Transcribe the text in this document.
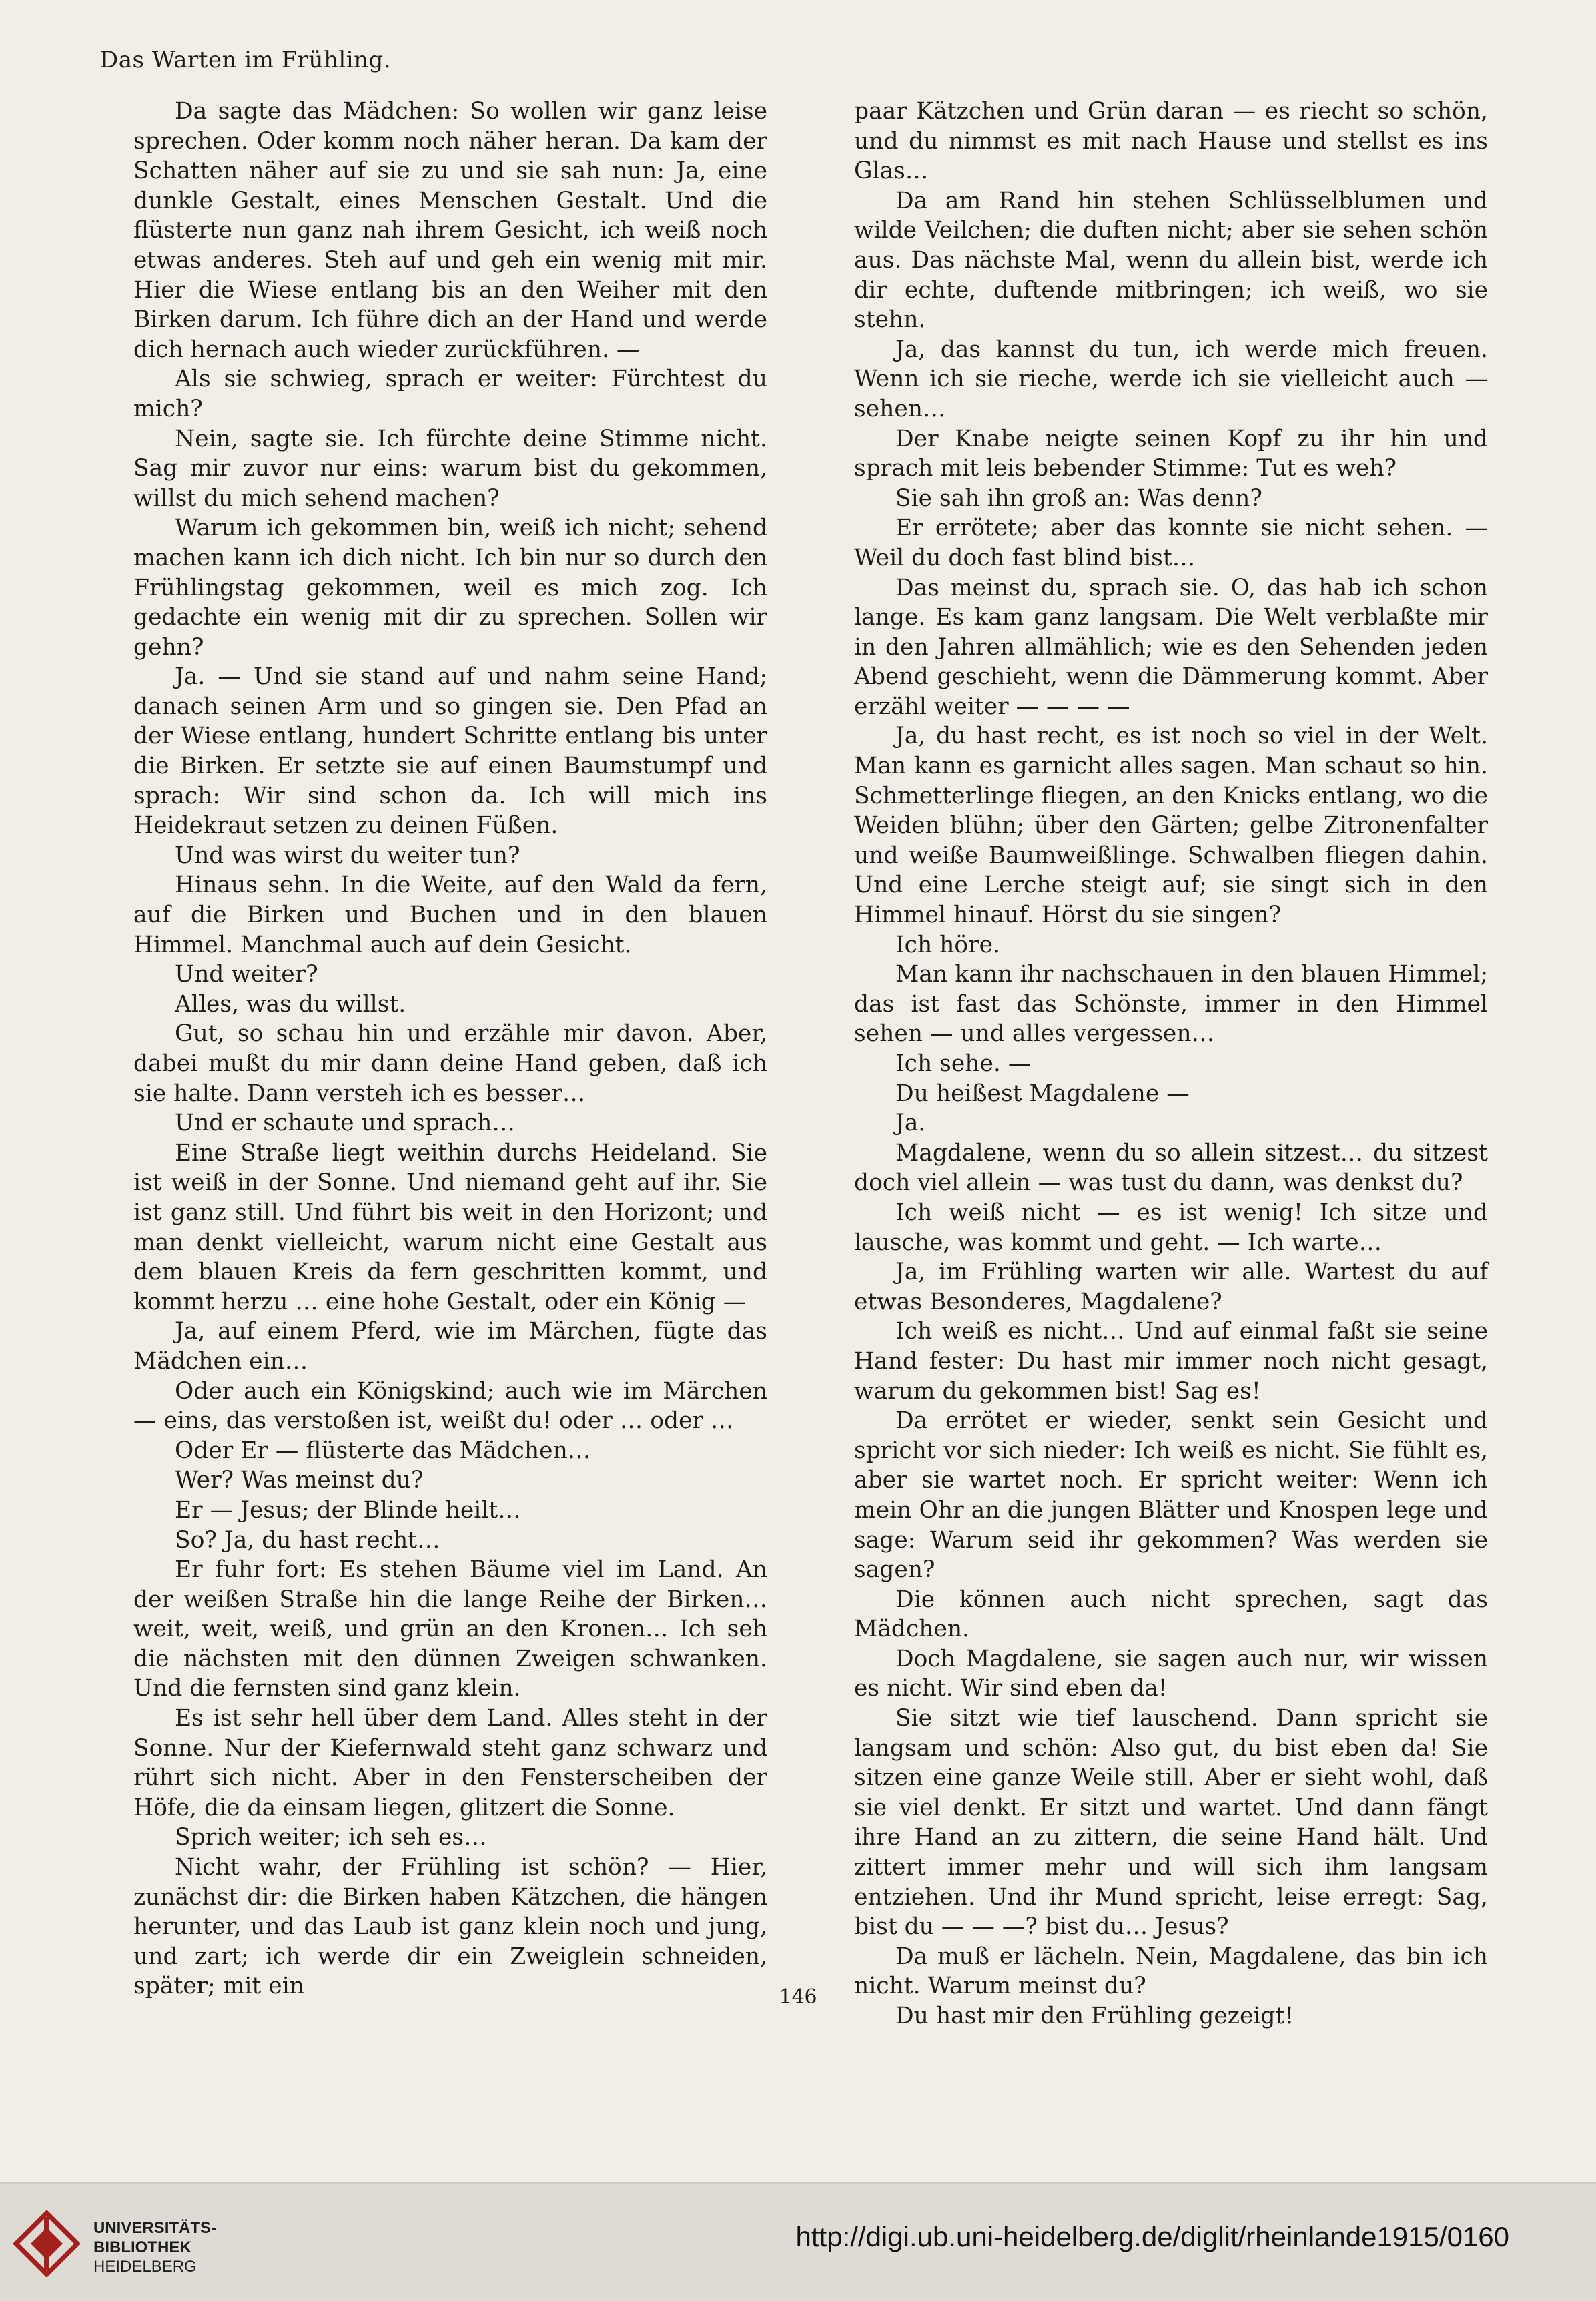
Das Warten im Frühling.

Da sagte das Mädchen: So wollen wir ganz leise sprechen. Oder komm noch näher heran. Da kam der Schatten näher auf sie zu und sie sah nun: Ja, eine dunkle Gestalt, eines Menschen Gestalt. Und die flüsterte nun ganz nah ihrem Gesicht, ich weiß noch etwas anderes. Steh auf und geh ein wenig mit mir. Hier die Wiese entlang bis an den Weiher mit den Birken darum. Ich führe dich an der Hand und werde dich hernach auch wieder zurückführen. —

Als sie schwieg, sprach er weiter: Fürchtest du mich?

Nein, sagte sie. Ich fürchte deine Stimme nicht. Sag mir zuvor nur eins: warum bist du gekommen, willst du mich sehend machen?

Warum ich gekommen bin, weiß ich nicht; sehend machen kann ich dich nicht. Ich bin nur so durch den Frühlingstag gekommen, weil es mich zog. Ich gedachte ein wenig mit dir zu sprechen. Sollen wir gehn?

Ja. — Und sie stand auf und nahm seine Hand; danach seinen Arm und so gingen sie. Den Pfad an der Wiese entlang, hundert Schritte entlang bis unter die Birken. Er setzte sie auf einen Baumstumpf und sprach: Wir sind schon da. Ich will mich ins Heidekraut setzen zu deinen Füßen.

Und was wirst du weiter tun?

Hinaus sehn. In die Weite, auf den Wald da fern, auf die Birken und Buchen und in den blauen Himmel. Manchmal auch auf dein Gesicht.

Und weiter?

Alles, was du willst.

Gut, so schau hin und erzähle mir davon. Aber, dabei mußt du mir dann deine Hand geben, daß ich sie halte. Dann versteh ich es besser…

Und er schaute und sprach…

Eine Straße liegt weithin durchs Heideland. Sie ist weiß in der Sonne. Und niemand geht auf ihr. Sie ist ganz still. Und führt bis weit in den Horizont; und man denkt vielleicht, warum nicht eine Gestalt aus dem blauen Kreis da fern geschritten kommt, und kommt herzu … eine hohe Gestalt, oder ein König —

Ja, auf einem Pferd, wie im Märchen, fügte das Mädchen ein…

Oder auch ein Königskind; auch wie im Märchen — eins, das verstoßen ist, weißt du! oder … oder …

Oder Er — flüsterte das Mädchen…

Wer? Was meinst du?

Er — Jesus; der Blinde heilt…

So? Ja, du hast recht…

Er fuhr fort: Es stehen Bäume viel im Land. An der weißen Straße hin die lange Reihe der Birken… weit, weit, weiß, und grün an den Kronen… Ich seh die nächsten mit den dünnen Zweigen schwanken. Und die fernsten sind ganz klein.

Es ist sehr hell über dem Land. Alles steht in der Sonne. Nur der Kiefernwald steht ganz schwarz und rührt sich nicht. Aber in den Fensterscheiben der Höfe, die da einsam liegen, glitzert die Sonne.

Sprich weiter; ich seh es…

Nicht wahr, der Frühling ist schön? — Hier, zunächst dir: die Birken haben Kätzchen, die hängen herunter, und das Laub ist ganz klein noch und jung, und zart; ich werde dir ein Zweiglein schneiden, später; mit ein

paar Kätzchen und Grün daran — es riecht so schön, und du nimmst es mit nach Hause und stellst es ins Glas…

Da am Rand hin stehen Schlüsselblumen und wilde Veilchen; die duften nicht; aber sie sehen schön aus. Das nächste Mal, wenn du allein bist, werde ich dir echte, duftende mitbringen; ich weiß, wo sie stehn.

Ja, das kannst du tun, ich werde mich freuen. Wenn ich sie rieche, werde ich sie vielleicht auch — sehen…

Der Knabe neigte seinen Kopf zu ihr hin und sprach mit leis bebender Stimme: Tut es weh?

Sie sah ihn groß an: Was denn?

Er errötete; aber das konnte sie nicht sehen. — Weil du doch fast blind bist…

Das meinst du, sprach sie. O, das hab ich schon lange. Es kam ganz langsam. Die Welt verblaßte mir in den Jahren allmählich; wie es den Sehenden jeden Abend geschieht, wenn die Dämmerung kommt. Aber erzähl weiter — — — —

Ja, du hast recht, es ist noch so viel in der Welt. Man kann es garnicht alles sagen. Man schaut so hin. Schmetterlinge fliegen, an den Knicks entlang, wo die Weiden blühn; über den Gärten; gelbe Zitronenfalter und weiße Baumweißlinge. Schwalben fliegen dahin. Und eine Lerche steigt auf; sie singt sich in den Himmel hinauf. Hörst du sie singen?

Ich höre.

Man kann ihr nachschauen in den blauen Himmel; das ist fast das Schönste, immer in den Himmel sehen — und alles vergessen…

Ich sehe. —

Du heißest Magdalene —

Ja.

Magdalene, wenn du so allein sitzest… du sitzest doch viel allein — was tust du dann, was denkst du?

Ich weiß nicht — es ist wenig! Ich sitze und lausche, was kommt und geht. — Ich warte…

Ja, im Frühling warten wir alle. Wartest du auf etwas Besonderes, Magdalene?

Ich weiß es nicht… Und auf einmal faßt sie seine Hand fester: Du hast mir immer noch nicht gesagt, warum du gekommen bist! Sag es!

Da errötet er wieder, senkt sein Gesicht und spricht vor sich nieder: Ich weiß es nicht. Sie fühlt es, aber sie wartet noch. Er spricht weiter: Wenn ich mein Ohr an die jungen Blätter und Knospen lege und sage: Warum seid ihr gekommen? Was werden sie sagen?

Die können auch nicht sprechen, sagt das Mädchen.

Doch Magdalene, sie sagen auch nur, wir wissen es nicht. Wir sind eben da!

Sie sitzt wie tief lauschend. Dann spricht sie langsam und schön: Also gut, du bist eben da! Sie sitzen eine ganze Weile still. Aber er sieht wohl, daß sie viel denkt. Er sitzt und wartet. Und dann fängt ihre Hand an zu zittern, die seine Hand hält. Und zittert immer mehr und will sich ihm langsam entziehen. Und ihr Mund spricht, leise erregt: Sag, bist du — — —? bist du… Jesus?

Da muß er lächeln. Nein, Magdalene, das bin ich nicht. Warum meinst du?

Du hast mir den Frühling gezeigt!

146
UNIVERSITÄTS-
BIBLIOTHEK
HEIDELBERG
http://digi.ub.uni-heidelberg.de/diglit/rheinlande1915/0160
